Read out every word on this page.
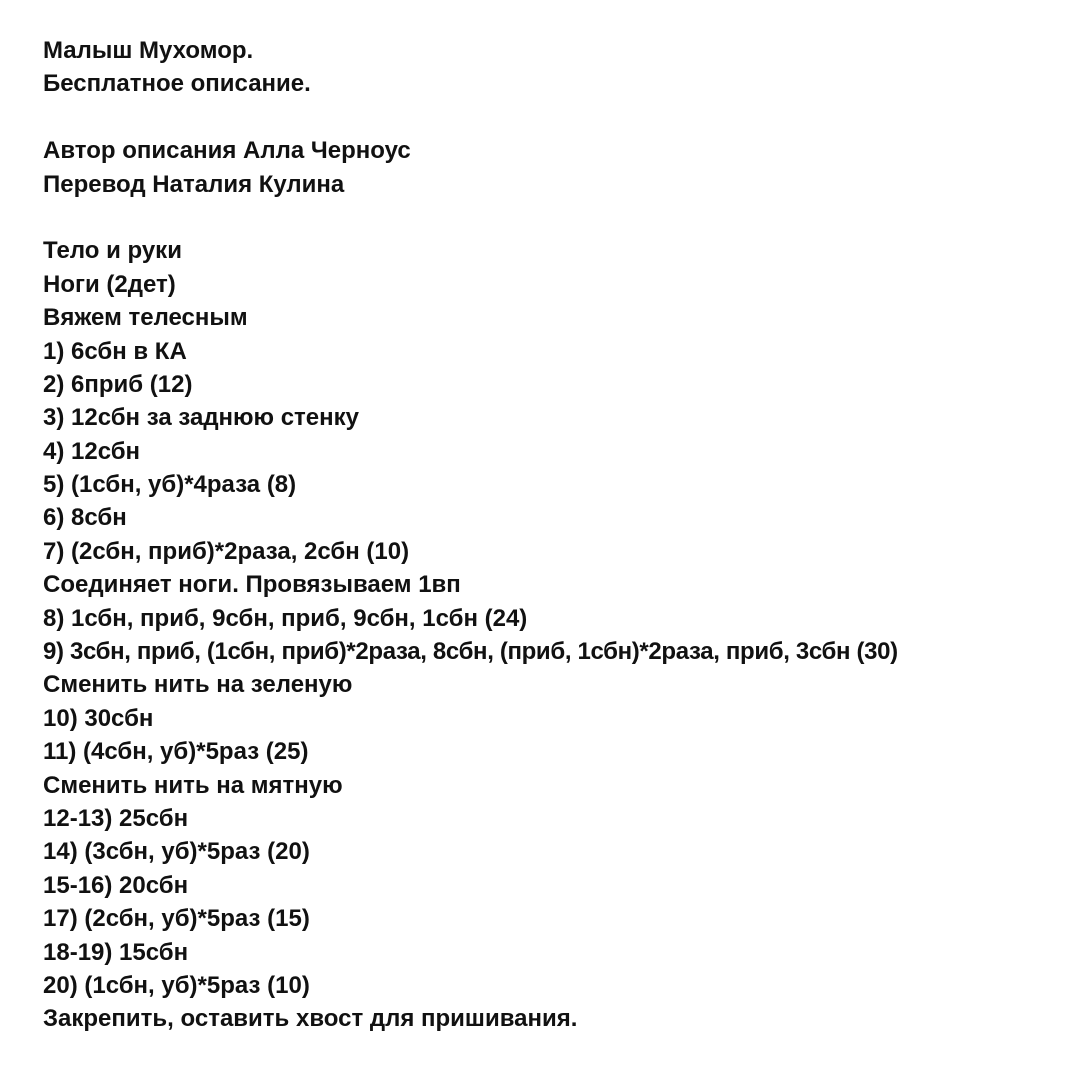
Малыш Мухомор.
Бесплатное описание.
Автор описания Алла Черноус
Перевод Наталия Кулина
Тело и руки
Ноги (2дет)
Вяжем телесным
1) 6сбн в КА
2) 6приб (12)
3) 12сбн за заднюю стенку
4) 12сбн
5) (1сбн, уб)*4раза (8)
6) 8сбн
7) (2сбн, приб)*2раза, 2сбн (10)
Соединяет ноги. Провязываем 1вп
8) 1сбн, приб, 9сбн, приб, 9сбн, 1сбн (24)
9) 3сбн, приб, (1сбн, приб)*2раза, 8сбн, (приб, 1сбн)*2раза, приб, 3сбн (30)
Сменить нить на зеленую
10) 30сбн
11) (4сбн, уб)*5раз (25)
Сменить нить на мятную
12-13) 25сбн
14) (3сбн, уб)*5раз (20)
15-16) 20сбн
17) (2сбн, уб)*5раз (15)
18-19) 15сбн
20) (1сбн, уб)*5раз (10)
Закрепить, оставить хвост для пришивания.
